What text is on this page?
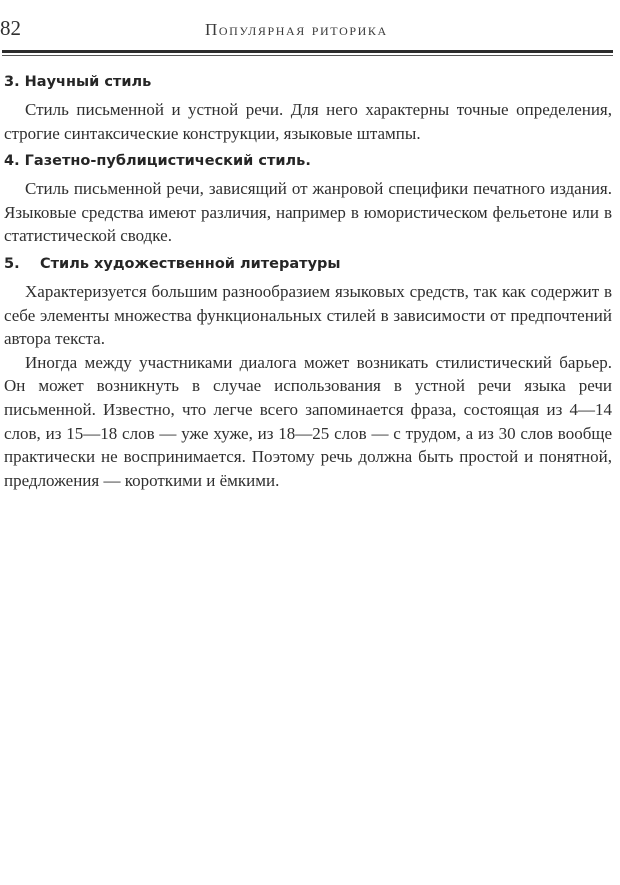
82	Популярная риторика
3. Научный стиль

Стиль письменной и устной речи. Для него характерны точные определения, строгие синтаксические конструкции, языковые штампы.

4. Газетно-публицистический стиль.

Стиль письменной речи, зависящий от жанровой специфики печатного издания. Языковые средства имеют различия, например в юмористическом фельетоне или в статистической сводке.

5. Стиль художественной литературы

Характеризуется большим разнообразием языковых средств, так как содержит в себе элементы множества функциональных стилей в зависимости от предпочтений автора текста.

Иногда между участниками диалога может возникать стилистический барьер. Он может возникнуть в случае использования в устной речи языка речи письменной. Известно, что легче всего запоминается фраза, состоящая из 4—14 слов, из 15—18 слов — уже хуже, из 18—25 слов — с трудом, а из 30 слов вообще практически не воспринимается. Поэтому речь должна быть простой и понятной, предложения — короткими и ёмкими.
